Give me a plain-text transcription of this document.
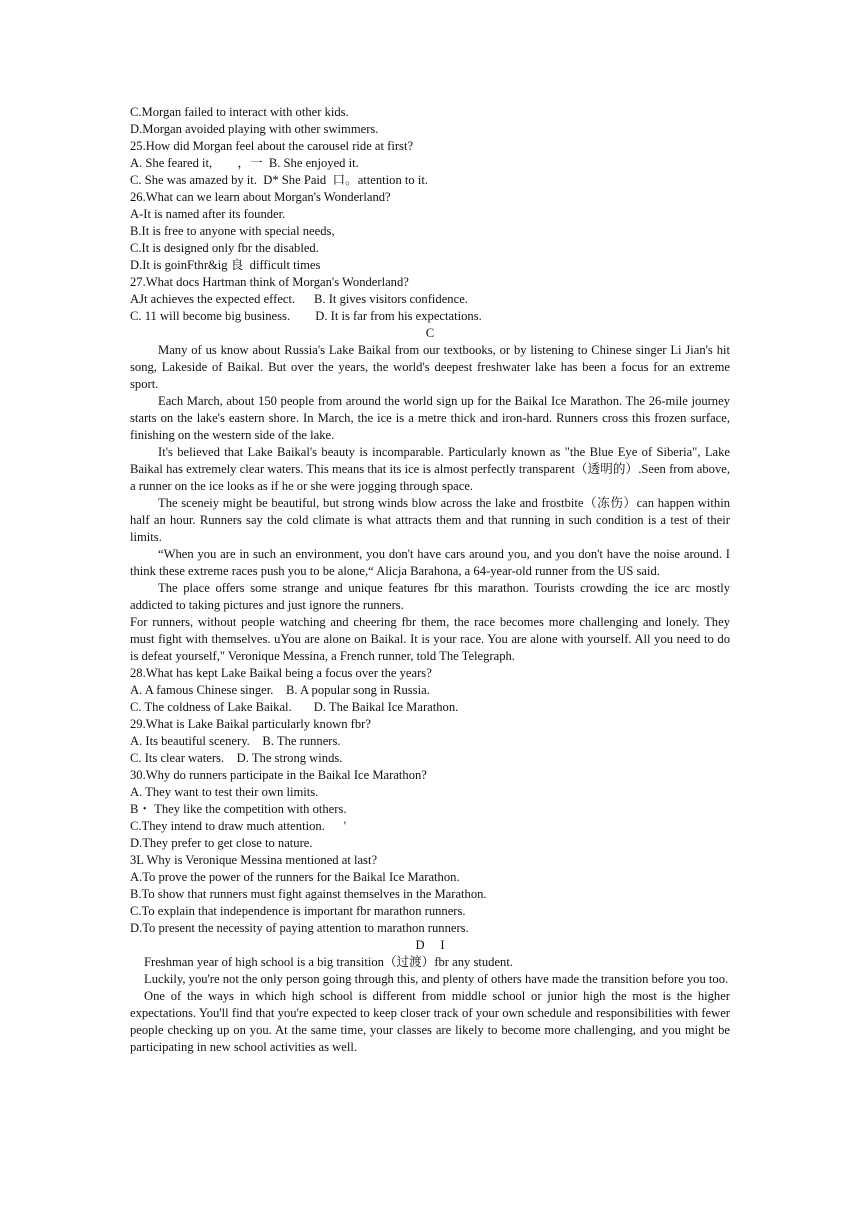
C.Morgan failed to interact with other kids.
D.Morgan avoided playing with other swimmers.
25.How did Morgan feel about the carousel ride at first?
A. She feared it,        ，一  B. She enjoyed it.
C. She was amazed by it.  D* She Paid  口。attention to it.
26.What can we learn about Morgan's Wonderland?
A-It is named after its founder.
B.It is free to anyone with special needs,
C.It is designed only fbr the disabled.
D.It is goinFthr&ig 良  difficult times
27.What docs Hartman think of Morgan's Wonderland?
AJt achieves the expected effect.      B. It gives visitors confidence.
C. 11 will become big business.        D. It is far from his expectations.
C
Many of us know about Russia's Lake Baikal from our textbooks, or by listening to Chinese singer Li Jian's hit song, Lakeside of Baikal. But over the years, the world's deepest freshwater lake has been a focus for an extreme sport.
Each March, about 150 people from around the world sign up for the Baikal Ice Marathon. The 26-mile journey starts on the lake's eastern shore. In March, the ice is a metre thick and iron-hard. Runners cross this frozen surface, finishing on the western side of the lake.
It's believed that Lake Baikal's beauty is incomparable. Particularly known as "the Blue Eye of Siberia", Lake Baikal has extremely clear waters. This means that its ice is almost perfectly transparent（透明的）.Seen from above, a runner on the ice looks as if he or she were jogging through space.
The sceneiy might be beautiful, but strong winds blow across the lake and frostbite（冻伤）can happen within half an hour. Runners say the cold climate is what attracts them and that running in such condition is a test of their limits.
“When you are in such an environment, you don't have cars around you, and you don't have the noise around. I think these extreme races push you to be alone,“ Alicja Barahona, a 64-year-old runner from the US said.
The place offers some strange and unique features fbr this marathon. Tourists crowding the ice arc mostly addicted to taking pictures and just ignore the runners.
For runners, without people watching and cheering fbr them, the race becomes more challenging and lonely. They must fight with themselves. uYou are alone on Baikal. It is your race. You are alone with yourself. All you need to do is defeat yourself," Veronique Messina, a French runner, told The Telegraph.
28.What has kept Lake Baikal being a focus over the years?
A. A famous Chinese singer.    B. A popular song in Russia.
C. The coldness of Lake Baikal.       D. The Baikal Ice Marathon.
29.What is Lake Baikal particularly known fbr?
A. Its beautiful scenery.    B. The runners.
C. Its clear waters.    D. The strong winds.
30.Why do runners participate in the Baikal Ice Marathon?
A. They want to test their own limits.
B・ They like the competition with others.
C.They intend to draw much attention.      '
D.They prefer to get close to nature.
3L Why is Veronique Messina mentioned at last?
A.To prove the power of the runners for the Baikal Ice Marathon.
B.To show that runners must fight against themselves in the Marathon.
C.To explain that independence is important fbr marathon runners.
D.To present the necessity of paying attention to marathon runners.
D     I
Freshman year of high school is a big transition（过渡）fbr any student.
Luckily, you're not the only person going through this, and plenty of others have made the transition before you too.
One of the ways in which high school is different from middle school or junior high the most is the higher expectations. You'll find that you're expected to keep closer track of your own schedule and responsibilities with fewer people checking up on you. At the same time, your classes are likely to become more challenging, and you might be participating in new school activities as well.
